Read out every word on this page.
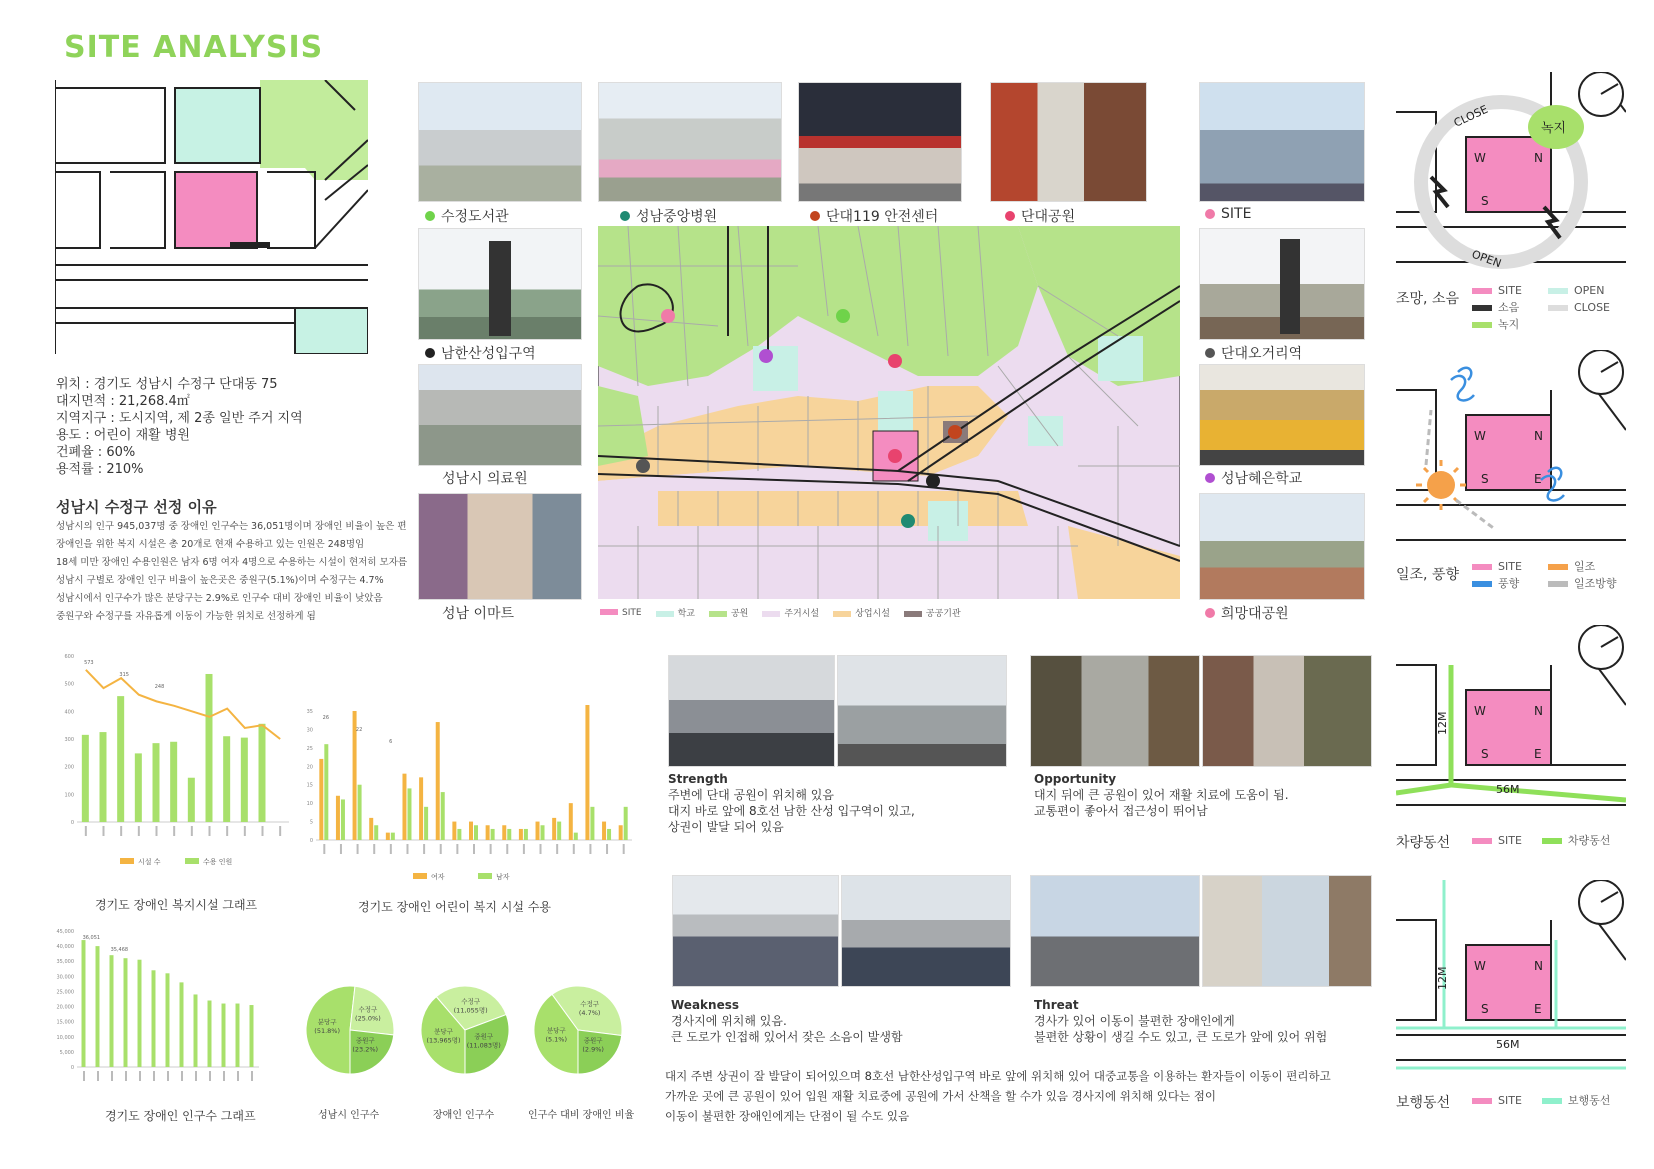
SITE ANALYSIS
위치 : 경기도 성남시 수정구 단대동 75
대지면적 : 21,268.4㎡
지역지구 : 도시지역, 제 2종 일반 주거 지역
용도 : 어린이 재활 병원
건폐율 : 60%
용적률 : 210%
성남시 수정구 선정 이유
성남시의 인구 945,037명 중 장애인 인구수는 36,051명이며 장애인 비율이 높은 편
장애인을 위한 복지 시설은 총 20개로 현재 수용하고 있는 인원은 248명임
18세 미만 장애인 수용인원은 남자 6명 여자 4명으로 수용하는 시설이 현저히 모자름
성남시 구별로 장애인 인구 비율이 높은곳은 중원구(5.1%)이며 수정구는 4.7%
성남시에서 인구수가 많은 분당구는 2.9%로 인구수 대비 장애인 비율이 낮았음
중원구와 수정구를 자유롭게 이동이 가능한 위치로 선정하게 됨
수정도서관
남한산성입구역
성남시 의료원
성남 이마트
성남중앙병원	단대119 안전센터	단대공원	SITE
단대오거리역
성남혜은학교
희망대공원
SITE	학교	공원	주거시설	상업시설	공공기관
0
100
200
300
400
500
600
573
315
248
시설 수	수용 인원
경기도 장애인 복지시설 그래프
0
5
10
15
20
25
30
35
26
22
6
여자	남자
경기도 장애인 어린이 복지 시설 수용
0
5,000
10,000
15,000
20,000
25,000
30,000
35,000
40,000
45,000
36,051
35,468
경기도 장애인 인구수 그래프
분당구
(51.8%)
수정구
(25.0%)
중원구
(23.2%)
성남시 인구수
분당구
(13,965명)
수정구
(11,055명)
중원구
(11,083명)
장애인 인구수
분당구
(5.1%)
수정구
(4.7%)
중원구
(2.9%)
인구수 대비 장애인 비율
Strength
주변에 단대 공원이 위치해 있음
대지 바로 앞에 8호선 남한 산성 입구역이 있고,
상권이 발달 되어 있음
Opportunity
대지 뒤에 큰 공원이 있어 재활 치료에 도움이 됨.
교통편이 좋아서 접근성이 뛰어남
Weakness
경사지에 위치해 있음.
큰 도로가 인접해 있어서 잦은 소음이 발생함
Threat
경사가 있어 이동이 불편한 장애인에게
불편한 상황이 생길 수도 있고, 큰 도로가 앞에 있어 위험
대지 주변 상권이 잘 발달이 되어있으며 8호선 남한산성입구역 바로 앞에 위치해 있어 대중교통을 이용하는 환자들이 이동이 편리하고
가까운 곳에 큰 공원이 있어 입원 재활 치료중에 공원에 가서 산책을 할 수가 있음 경사지에 위치해 있다는 점이
이동이 불편한 장애인에게는 단점이 될 수도 있음
W	N
S
녹지
CLOSE
OPEN
조망, 소음
SITE
소음
녹지
OPEN
CLOSE
W	N
S	E
일조, 풍향
SITE
풍향
일조
일조방향
W	N
S	E
12M
56M
차량동선	SITE	차량동선
W	N
S	E
12M
56M
보행동선	SITE	보행동선
